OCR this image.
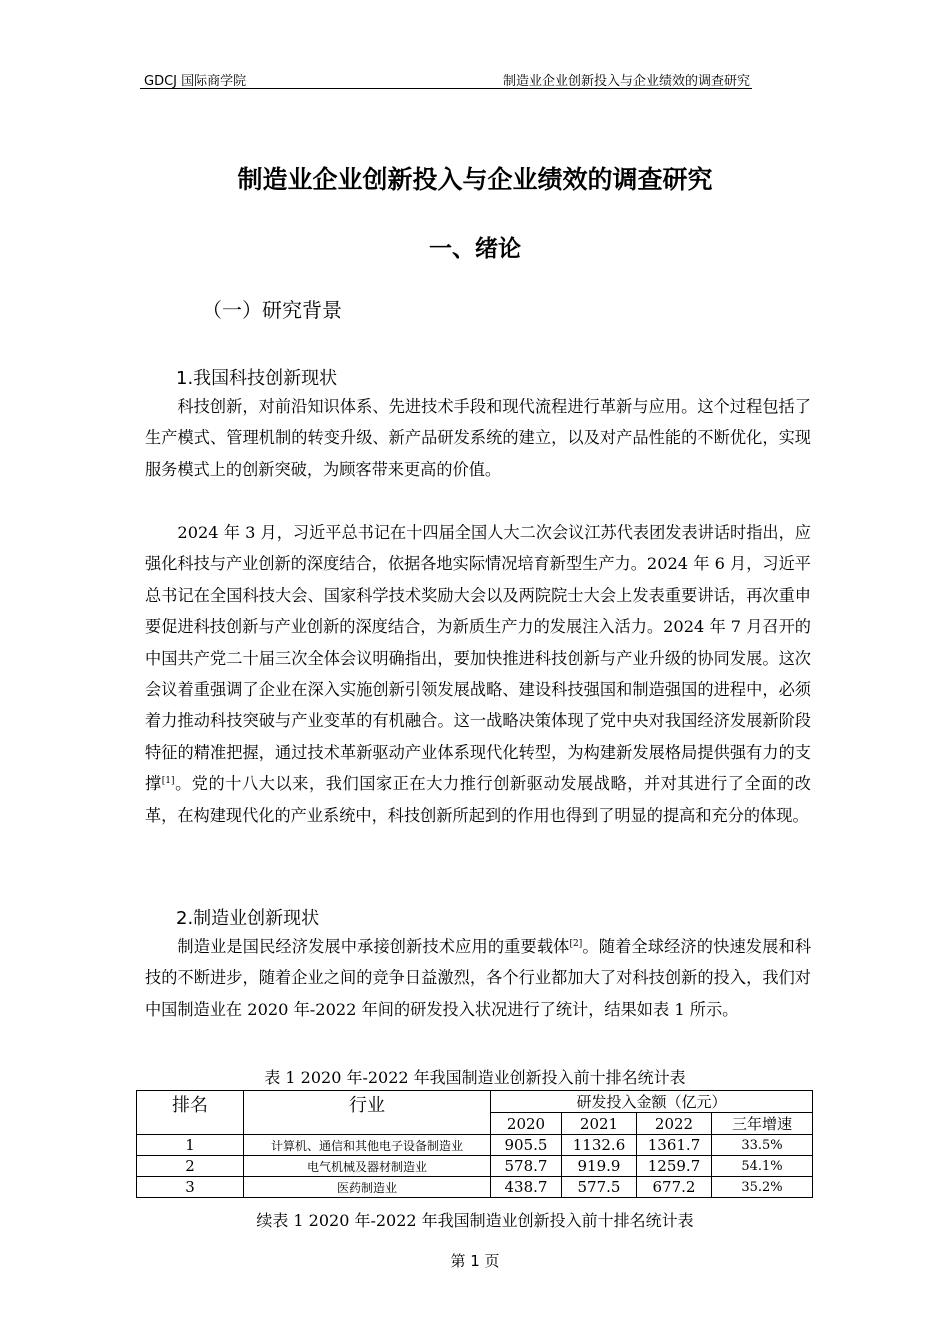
GDCJ 国际商学院	制造业企业创新投入与企业绩效的调查研究
制造业企业创新投入与企业绩效的调查研究
一、绪论
（一）研究背景
1.我国科技创新现状

科技创新，对前沿知识体系、先进技术手段和现代流程进行革新与应用。这个过程包括了生产模式、管理机制的转变升级、新产品研发系统的建立，以及对产品性能的不断优化，实现服务模式上的创新突破，为顾客带来更高的价值。

2024 年 3 月，习近平总书记在十四届全国人大二次会议江苏代表团发表讲话时指出，应强化科技与产业创新的深度结合，依据各地实际情况培育新型生产力。2024 年 6 月，习近平总书记在全国科技大会、国家科学技术奖励大会以及两院院士大会上发表重要讲话，再次重申要促进科技创新与产业创新的深度结合，为新质生产力的发展注入活力。2024 年 7 月召开的中国共产党二十届三次全体会议明确指出，要加快推进科技创新与产业升级的协同发展。这次会议着重强调了企业在深入实施创新引领发展战略、建设科技强国和制造强国的进程中，必须着力推动科技突破与产业变革的有机融合。这一战略决策体现了党中央对我国经济发展新阶段特征的精准把握，通过技术革新驱动产业体系现代化转型，为构建新发展格局提供强有力的支撑[1]。党的十八大以来，我们国家正在大力推行创新驱动发展战略，并对其进行了全面的改革，在构建现代化的产业系统中，科技创新所起到的作用也得到了明显的提高和充分的体现。

2.制造业创新现状

制造业是国民经济发展中承接创新技术应用的重要载体[2]。随着全球经济的快速发展和科技的不断进步，随着企业之间的竞争日益激烈，各个行业都加大了对科技创新的投入，我们对中国制造业在 2020 年-2022 年间的研发投入状况进行了统计，结果如表 1 所示。

表 1 2020 年-2022 年我国制造业创新投入前十排名统计表
排名	行业	研发投入金额（亿元）			
		2020	2021	2022	三年增速
1	计算机、通信和其他电子设备制造业	905.5	1132.6	1361.7	33.5%
2	电气机械及器材制造业	578.7	919.9	1259.7	54.1%
3	医药制造业	438.7	577.5	677.2	35.2%
续表 1 2020 年-2022 年我国制造业创新投入前十排名统计表
第 1 页
